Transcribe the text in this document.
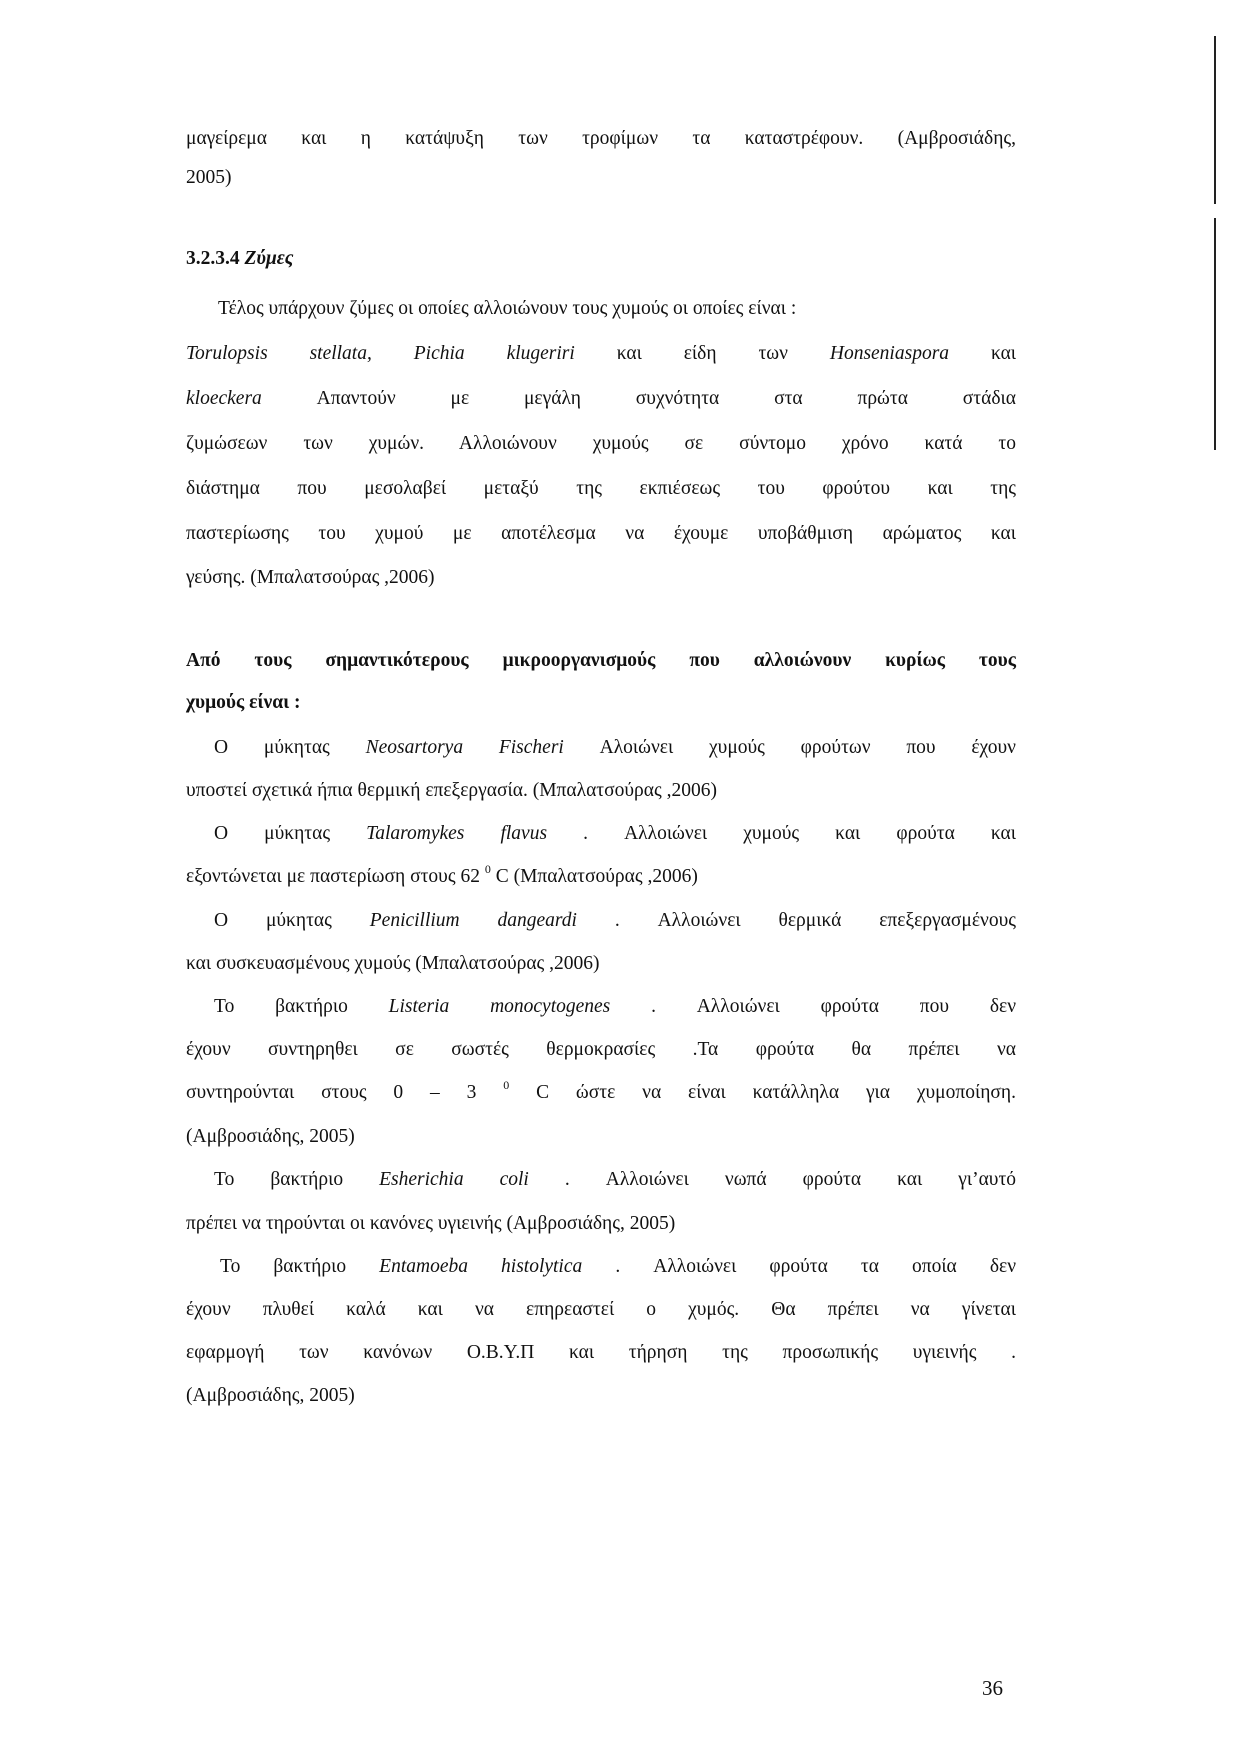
μαγείρεμα και η κατάψυξη των τροφίμων τα καταστρέφουν. (Αμβροσιάδης,
2005)
3.2.3.4 Ζύμες
Τέλος υπάρχουν ζύμες οι οποίες αλλοιώνουν τους χυμούς οι οποίες είναι :
Torulopsis stellata, Pichia klugeriri και είδη των Honseniaspora και
kloeckera	Απαντούν με μεγάλη συχνότητα στα πρώτα στάδια
ζυμώσεων των χυμών. Αλλοιώνουν χυμούς σε σύντομο χρόνο κατά το
διάστημα που μεσολαβεί μεταξύ της εκπιέσεως του φρούτου και της
παστερίωσης του χυμού με αποτέλεσμα να έχουμε υποβάθμιση αρώματος και
γεύσης. (Μπαλατσούρας ,2006)
Από τους σημαντικότερους μικροοργανισμούς που αλλοιώνουν κυρίως τους
χυμούς είναι :
Ο μύκητας Neosartorya Fischeri Αλοιώνει χυμούς φρούτων που έχουν
υποστεί σχετικά ήπια θερμική επεξεργασία. (Μπαλατσούρας ,2006)
Ο μύκητας Talaromykes flavus . Αλλοιώνει χυμούς και φρούτα και
εξοντώνεται με παστερίωση στους 62 $^0$ C (Μπαλατσούρας ,2006)
Ο μύκητας Penicillium dangeardi . Αλλοιώνει θερμικά επεξεργασμένους
και συσκευασμένους χυμούς (Μπαλατσούρας ,2006)
Το βακτήριο Listeria monocytogenes . Αλλοιώνει φρούτα που δεν
έχουν συντηρηθει σε σωστές θερμοκρασίες .Τα φρούτα θα πρέπει να
συντηρούνται στους 0 – 3 $^0$ C ώστε να είναι κατάλληλα για χυμοποίηση.
(Αμβροσιάδης, 2005)
Το βακτήριο Esherichia coli . Αλλοιώνει νωπά φρούτα και γι’αυτό
πρέπει να τηρούνται οι κανόνες υγιεινής (Αμβροσιάδης, 2005)
Το βακτήριο Entamoeba histolytica . Αλλοιώνει φρούτα τα οποία δεν
έχουν πλυθεί καλά και να επηρεαστεί ο χυμός. Θα πρέπει να γίνεται
εφαρμογή των κανόνων Ο.Β.Υ.Π και τήρηση της προσωπικής υγιεινής .
(Αμβροσιάδης, 2005)
36
